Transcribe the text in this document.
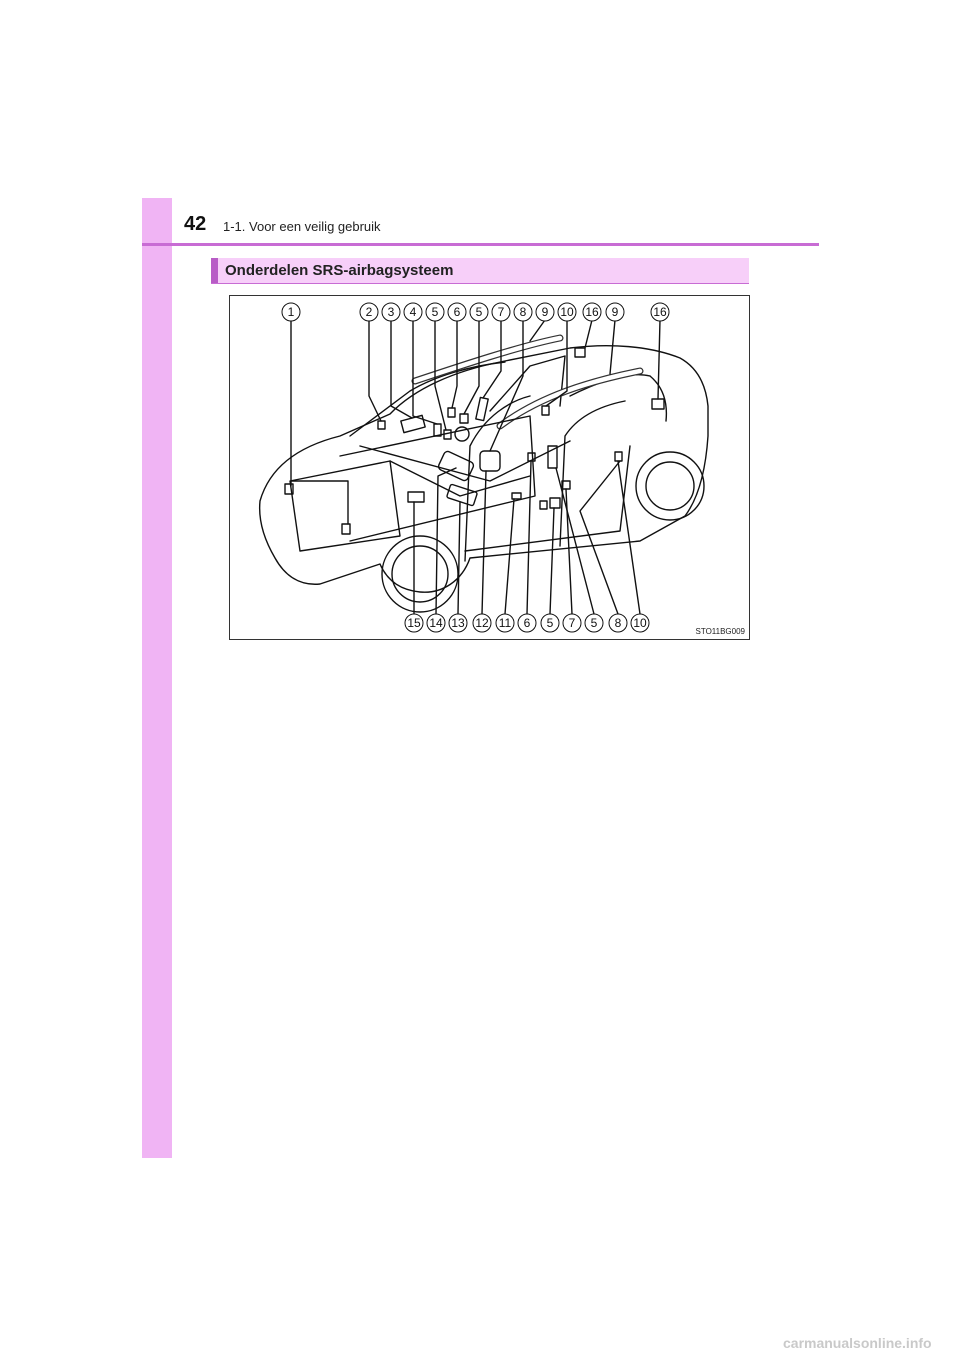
42 1-1. Voor een veilig gebruik
Onderdelen SRS-airbagsysteem
1	2 3 4 5 6 5 7 8 9 10 16 9	16
15 14 13 12 11 6 5 7 5 8 10
STO11BG009
carmanualsonline.info
